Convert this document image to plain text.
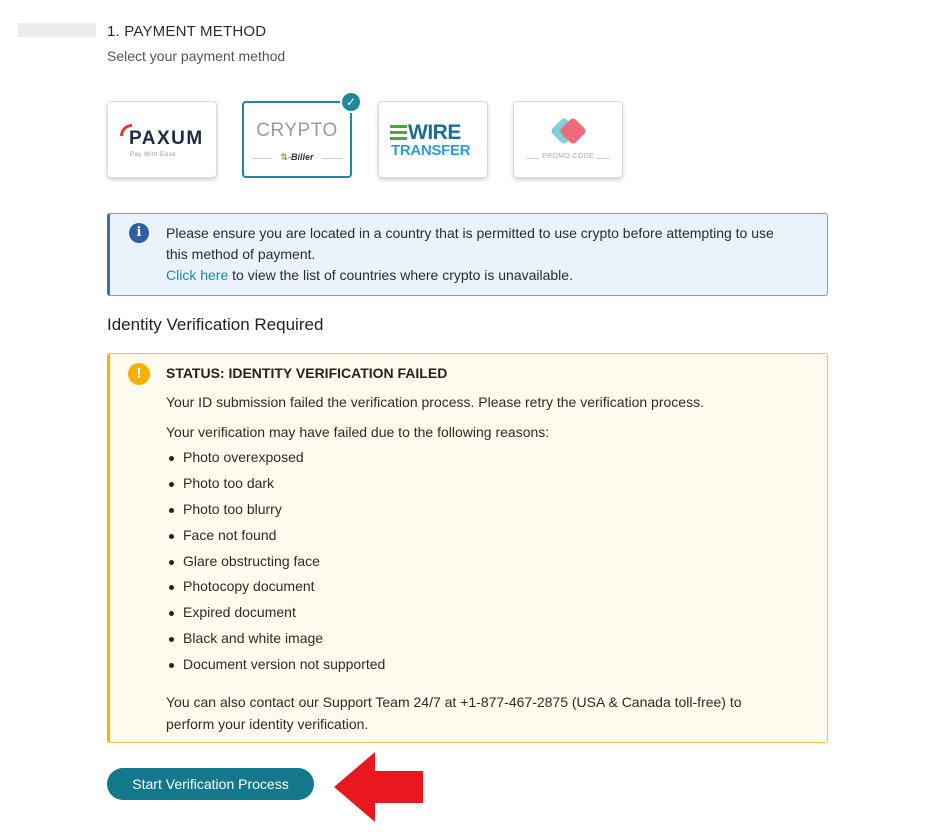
1. PAYMENT METHOD
Select your payment method
PAXUM
Pay With Ease
CRYPTO
⇅‑Biller
✓
WIRE
TRANSFER	PROMO CODE
i	Please ensure you are located in a country that is permitted to use crypto before attempting to use this method of payment.
Click here to view the list of countries where crypto is unavailable.
Identity Verification Required
!	STATUS: IDENTITY VERIFICATION FAILED
Your ID submission failed the verification process. Please retry the verification process.
Your verification may have failed due to the following reasons:
Photo overexposed
Photo too dark
Photo too blurry
Face not found
Glare obstructing face
Photocopy document
Expired document
Black and white image
Document version not supported
You can also contact our Support Team 24/7 at +1-877-467-2875 (USA & Canada toll-free) to perform your identity verification.
Start Verification Process
